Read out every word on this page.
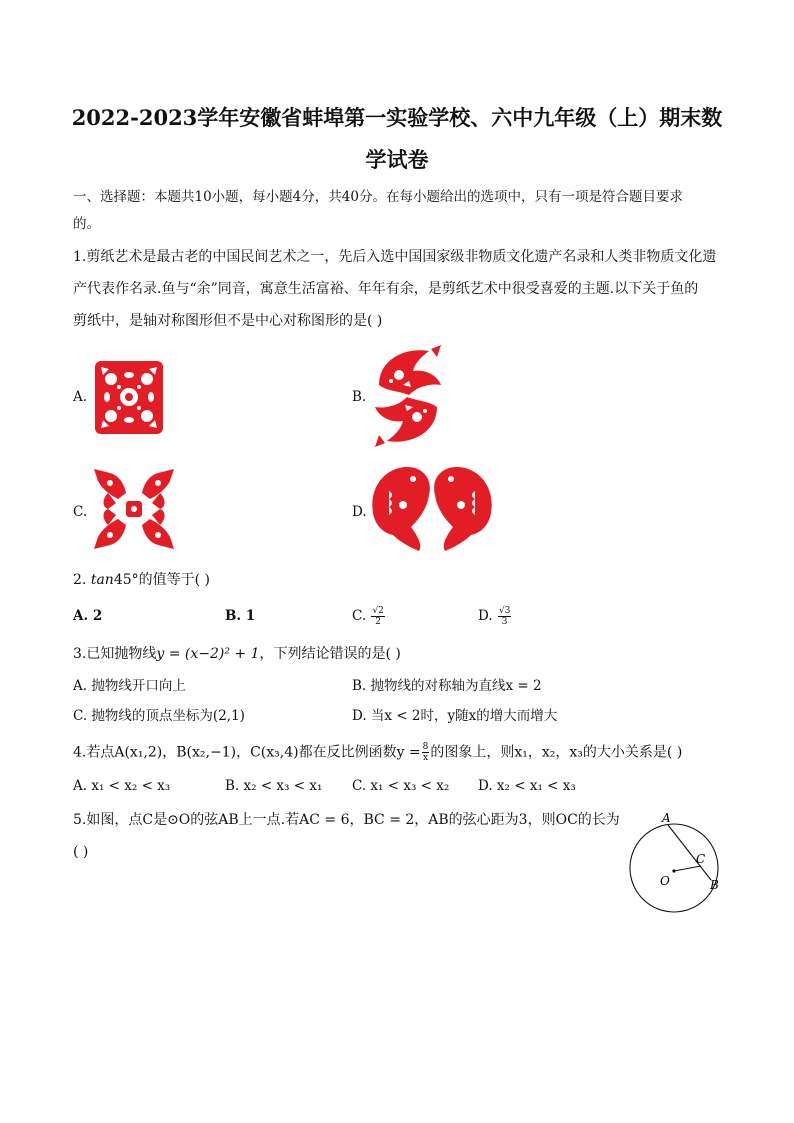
2022-2023学年安徽省蚌埠第一实验学校、六中九年级（上）期末数
学试卷
一、选择题：本题共10小题，每小题4分，共40分。在每小题给出的选项中，只有一项是符合题目要求
的。
1.剪纸艺术是最古老的中国民间艺术之一，先后入选中国国家级非物质文化遗产名录和人类非物质文化遗
产代表作名录.鱼与“余”同音，寓意生活富裕、年年有余，是剪纸艺术中很受喜爱的主题.以下关于鱼的
剪纸中，是轴对称图形但不是中心对称图形的是( )
A.	B.
C.	D.
2. tan45°的值等于( )
A. 2	B. 1	C. $\frac{√2}{2}$	D. $\frac{√3}{3}$
3.已知抛物线y = (x−2)² + 1，下列结论错误的是( )
A. 抛物线开口向上	B. 抛物线的对称轴为直线x = 2
C. 抛物线的顶点坐标为(2,1)	D. 当x < 2时，y随x的增大而增大
4.若点A(x₁,2)，B(x₂,−1)，C(x₃,4)都在反比例函数$y = \frac{8}{x}$ 的图象上，则x₁，x₂，x₃的大小关系是( )
A. x₁ < x₂ < x₃	B. x₂ < x₃ < x₁ C. x₁ < x₃ < x₂ D. x₂ < x₁ < x₃
5.如图，点C是⊙O的弦AB上一点.若AC = 6，BC = 2，AB的弦心距为3，则OC的长为
( )
A
C
O	B
